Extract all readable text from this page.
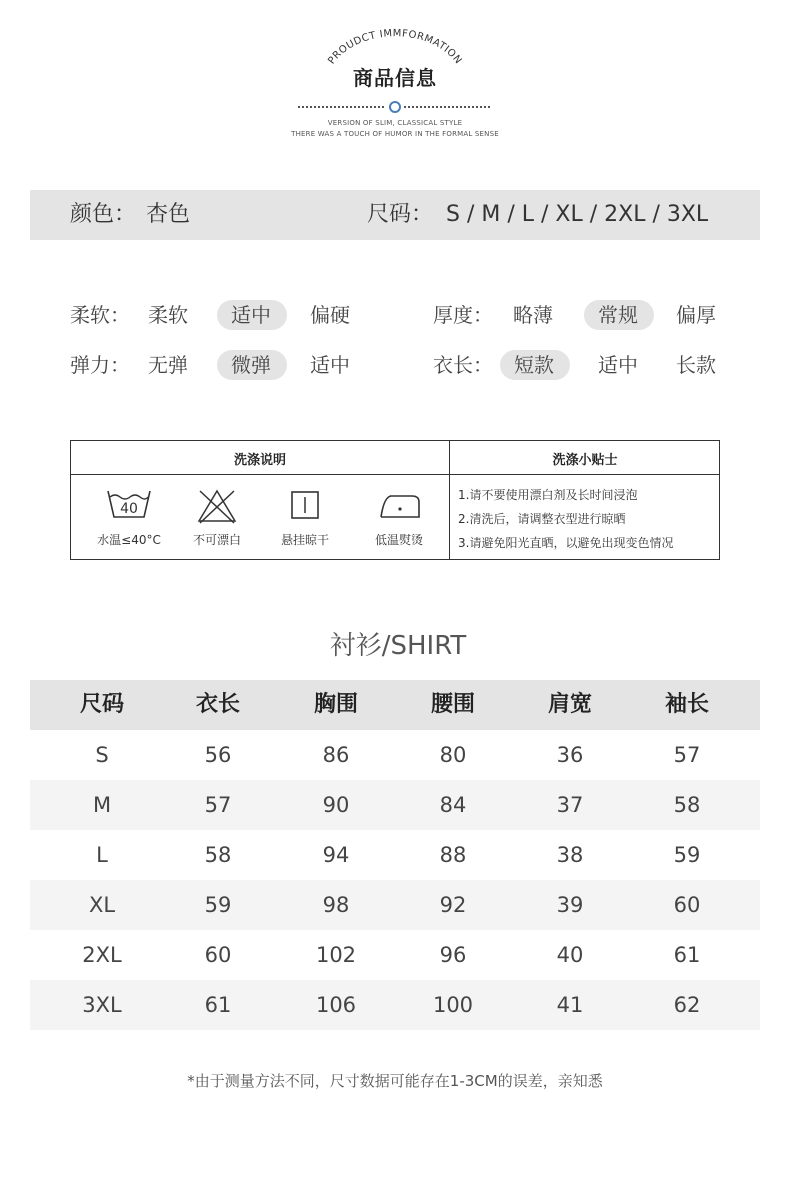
PROUDCT IMMFORMATION
商品信息
VERSION OF SLIM, CLASSICAL STYLE
THERE WAS A TOUCH OF HUMOR IN THE FORMAL SENSE
颜色： 杏色	尺码： S / M / L / XL / 2XL / 3XL
柔软： 柔软 适中 偏硬	厚度： 略薄 常规 偏厚
弹力： 无弹 微弹 适中	衣长： 短款 适中 长款
洗涤说明	洗涤小贴士
40
水温≤40°C	不可漂白	悬挂晾干	低温熨烫
1.请不要使用漂白剂及长时间浸泡
2.清洗后，请调整衣型进行晾晒
3.请避免阳光直晒，以避免出现变色情况
衬衫/SHIRT
尺码	衣长	胸围	腰围	肩宽	袖长
S	56	86	80	36	57
M	57	90	84	37	58
L	58	94	88	38	59
XL	59	98	92	39	60
2XL	60	102	96	40	61
3XL	61	106	100	41	62
*由于测量方法不同，尺寸数据可能存在1-3CM的误差，亲知悉
